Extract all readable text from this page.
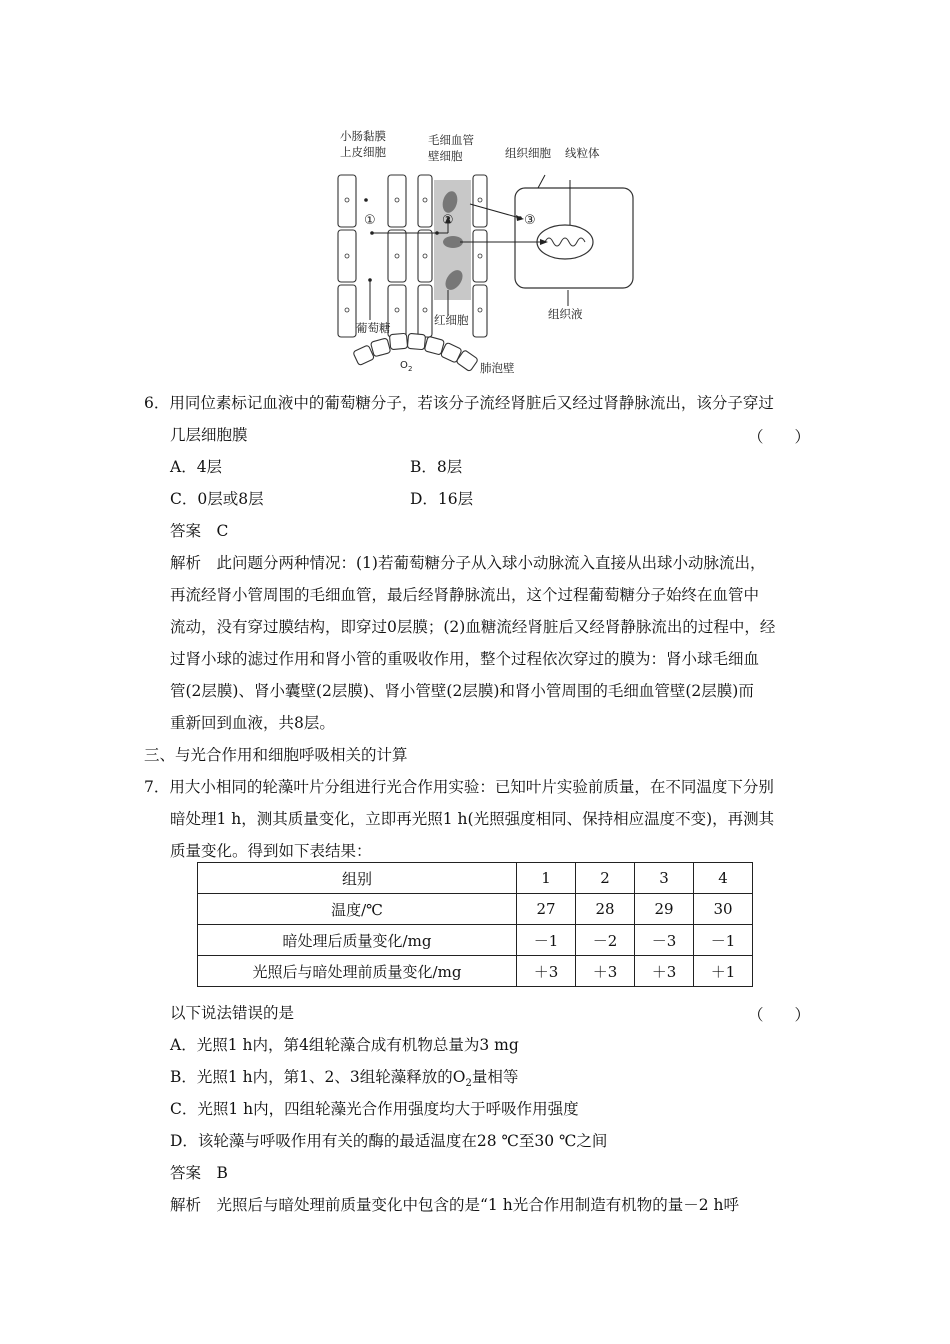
小肠黏膜
上皮细胞
毛细血管
壁细胞	组织细胞 线粒体
①	②	③
葡萄糖
红细胞	组织液
O 2	肺泡壁
6．用同位素标记血液中的葡萄糖分子，若该分子流经肾脏后又经过肾静脉流出，该分子穿过
几层细胞膜	（　　）
A．4层	B．8层
C．0层或8层	D．16层
答案　C
解析　此问题分两种情况：(1)若葡萄糖分子从入球小动脉流入直接从出球小动脉流出，
再流经肾小管周围的毛细血管，最后经肾静脉流出，这个过程葡萄糖分子始终在血管中
流动，没有穿过膜结构，即穿过0层膜；(2)血糖流经肾脏后又经肾静脉流出的过程中，经
过肾小球的滤过作用和肾小管的重吸收作用，整个过程依次穿过的膜为：肾小球毛细血
管(2层膜)、肾小囊壁(2层膜)、肾小管壁(2层膜)和肾小管周围的毛细血管壁(2层膜)而
重新回到血液，共8层。
三、与光合作用和细胞呼吸相关的计算
7．用大小相同的轮藻叶片分组进行光合作用实验：已知叶片实验前质量，在不同温度下分别
暗处理1 h，测其质量变化，立即再光照1 h(光照强度相同、保持相应温度不变)，再测其
质量变化。得到如下表结果：
组别	1	2	3	4
温度/℃	27	28	29	30
暗处理后质量变化/mg	－1	－2	－3	－1
光照后与暗处理前质量变化/mg	＋3	＋3	＋3	＋1
以下说法错误的是	（　　）
A．光照1 h内，第4组轮藻合成有机物总量为3 mg
B．光照1 h内，第1、2、3组轮藻释放的$O_2$量相等
C．光照1 h内，四组轮藻光合作用强度均大于呼吸作用强度
D．该轮藻与呼吸作用有关的酶的最适温度在28 ℃至30 ℃之间
答案　B
解析　光照后与暗处理前质量变化中包含的是“1 h光合作用制造有机物的量－2 h呼
